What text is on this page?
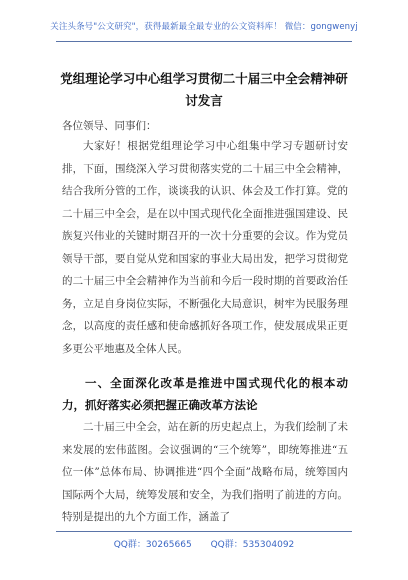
关注头条号"公文研究"，获得最新最全最专业的公文资料库！ 微信：gongwenyj
党组理论学习中心组学习贯彻二十届三中全会精神研讨发言
各位领导、同事们：

大家好！根据党组理论学习中心组集中学习专题研讨安排，下面，围绕深入学习贯彻落实党的二十届三中全会精神，结合我所分管的工作，谈谈我的认识、体会及工作打算。党的二十届三中全会，是在以中国式现代化全面推进强国建设、民族复兴伟业的关键时期召开的一次十分重要的会议。作为党员领导干部，要自觉从党和国家的事业大局出发，把学习贯彻党的二十届三中全会精神作为当前和今后一段时期的首要政治任务，立足自身岗位实际，不断强化大局意识，树牢为民服务理念，以高度的责任感和使命感抓好各项工作，使发展成果正更多更公平地惠及全体人民。

一、全面深化改革是推进中国式现代化的根本动力，抓好落实必须把握正确改革方法论

二十届三中全会，站在新的历史起点上，为我们绘制了未来发展的宏伟蓝图。会议强调的“三个统筹”，即统筹推进“五位一体”总体布局、协调推进“四个全面”战略布局，统筹国内国际两个大局，统筹发展和安全，为我们指明了前进的方向。特别是提出的九个方面工作，涵盖了

QQ群：30265665 QQ群：535304092
